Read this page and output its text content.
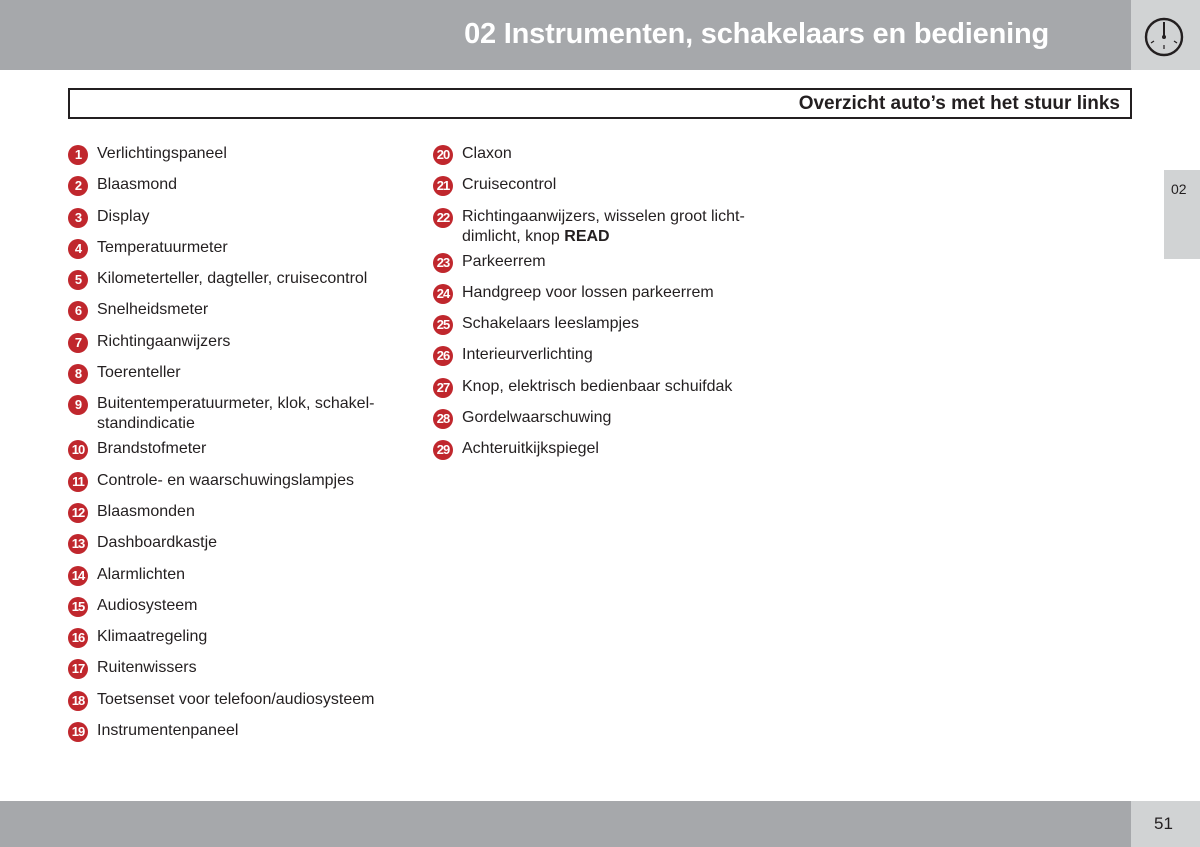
02 Instrumenten, schakelaars en bediening
Overzicht auto’s met het stuur links
02
1 Verlichtingspaneel
2 Blaasmond
3 Display
4 Temperatuurmeter
5 Kilometerteller, dagteller, cruisecontrol
6 Snelheidsmeter
7 Richtingaanwijzers
8 Toerenteller
9 Buitentemperatuurmeter, klok, schakel-
standindicatie
10 Brandstofmeter
11 Controle- en waarschuwingslampjes
12 Blaasmonden
13 Dashboardkastje
14 Alarmlichten
15 Audiosysteem
16 Klimaatregeling
17 Ruitenwissers
18 Toetsenset voor telefoon/audiosysteem
19 Instrumentenpaneel
20 Claxon
21 Cruisecontrol
22 Richtingaanwijzers, wisselen groot licht-
dimlicht, knop READ
23 Parkeerrem
24 Handgreep voor lossen parkeerrem
25 Schakelaars leeslampjes
26 Interieurverlichting
27 Knop, elektrisch bedienbaar schuifdak
28 Gordelwaarschuwing
29 Achteruitkijkspiegel
51
